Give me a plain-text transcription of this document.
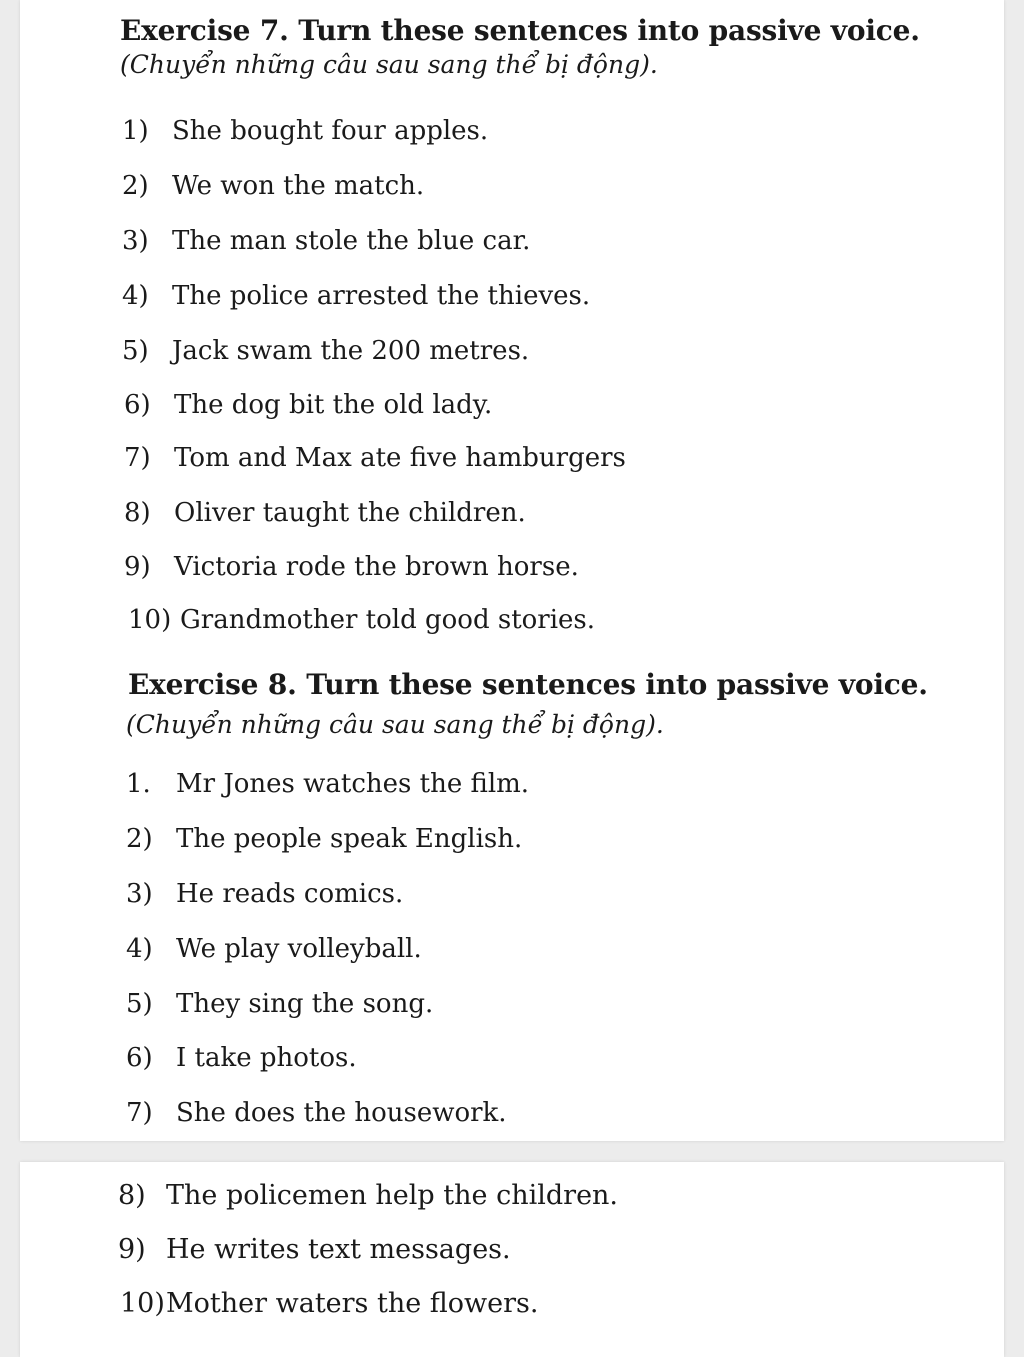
Exercise 7. Turn these sentences into passive voice.
(Chuyển những câu sau sang thể bị động).
1) She bought four apples.
2) We won the match.
3) The man stole the blue car.
4) The police arrested the thieves.
5) Jack swam the 200 metres.
6) The dog bit the old lady.
7) Tom and Max ate five hamburgers
8) Oliver taught the children.
9) Victoria rode the brown horse.
10) Grandmother told good stories.
Exercise 8. Turn these sentences into passive voice.
(Chuyển những câu sau sang thể bị động).
1. Mr Jones watches the film.
2) The people speak English.
3) He reads comics.
4) We play volleyball.
5) They sing the song.
6) I take photos.
7) She does the housework.
8) The policemen help the children.
9) He writes text messages.
10) Mother waters the flowers.
